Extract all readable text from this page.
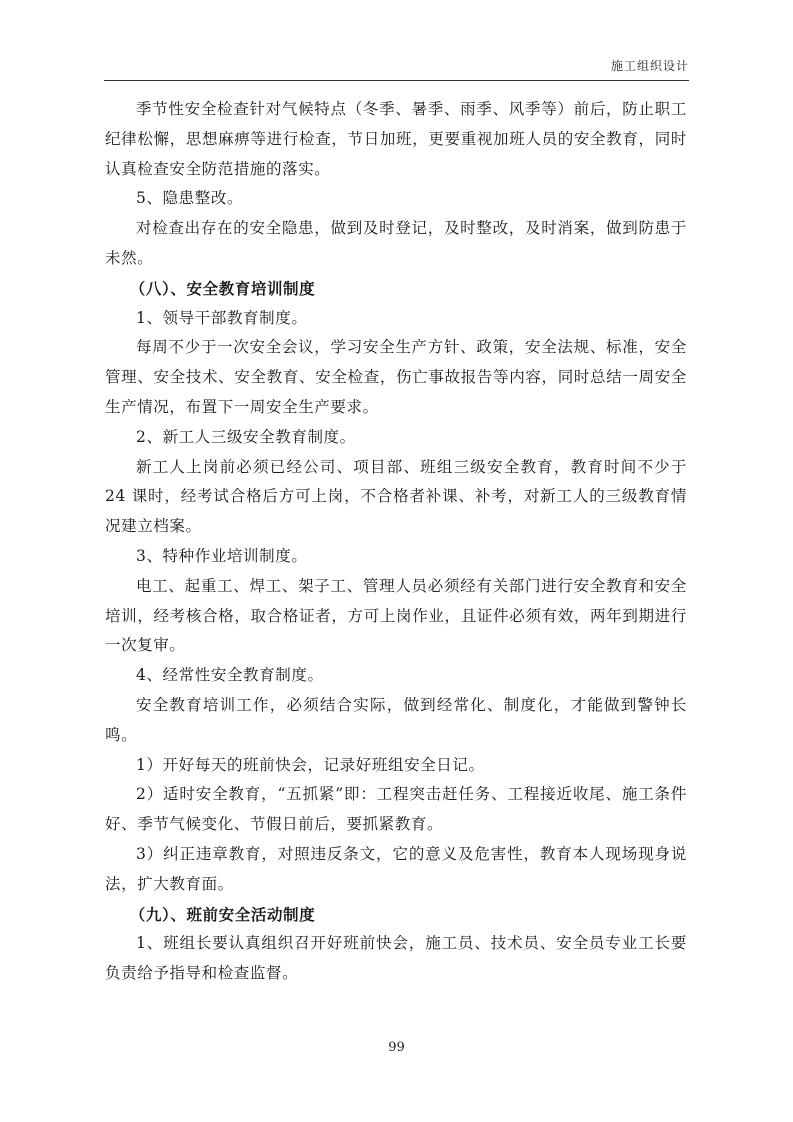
施工组织设计

季节性安全检查针对气候特点（冬季、暑季、雨季、风季等）前后，防止职工纪律松懈，思想麻痹等进行检查，节日加班，更要重视加班人员的安全教育，同时认真检查安全防范措施的落实。

5、隐患整改。

对检查出存在的安全隐患，做到及时登记，及时整改，及时消案，做到防患于未然。

（八）、安全教育培训制度

1、领导干部教育制度。

每周不少于一次安全会议，学习安全生产方针、政策，安全法规、标准，安全管理、安全技术、安全教育、安全检查，伤亡事故报告等内容，同时总结一周安全生产情况，布置下一周安全生产要求。

2、新工人三级安全教育制度。

新工人上岗前必须已经公司、项目部、班组三级安全教育，教育时间不少于 24 课时，经考试合格后方可上岗，不合格者补课、补考，对新工人的三级教育情况建立档案。

3、特种作业培训制度。

电工、起重工、焊工、架子工、管理人员必须经有关部门进行安全教育和安全培训，经考核合格，取合格证者，方可上岗作业，且证件必须有效，两年到期进行一次复审。

4、经常性安全教育制度。

安全教育培训工作，必须结合实际，做到经常化、制度化，才能做到警钟长鸣。

1）开好每天的班前快会，记录好班组安全日记。

2）适时安全教育，“五抓紧”即：工程突击赶任务、工程接近收尾、施工条件好、季节气候变化、节假日前后，要抓紧教育。

3）纠正违章教育，对照违反条文，它的意义及危害性，教育本人现场现身说法，扩大教育面。

（九）、班前安全活动制度

1、班组长要认真组织召开好班前快会，施工员、技术员、安全员专业工长要负责给予指导和检查监督。

99
